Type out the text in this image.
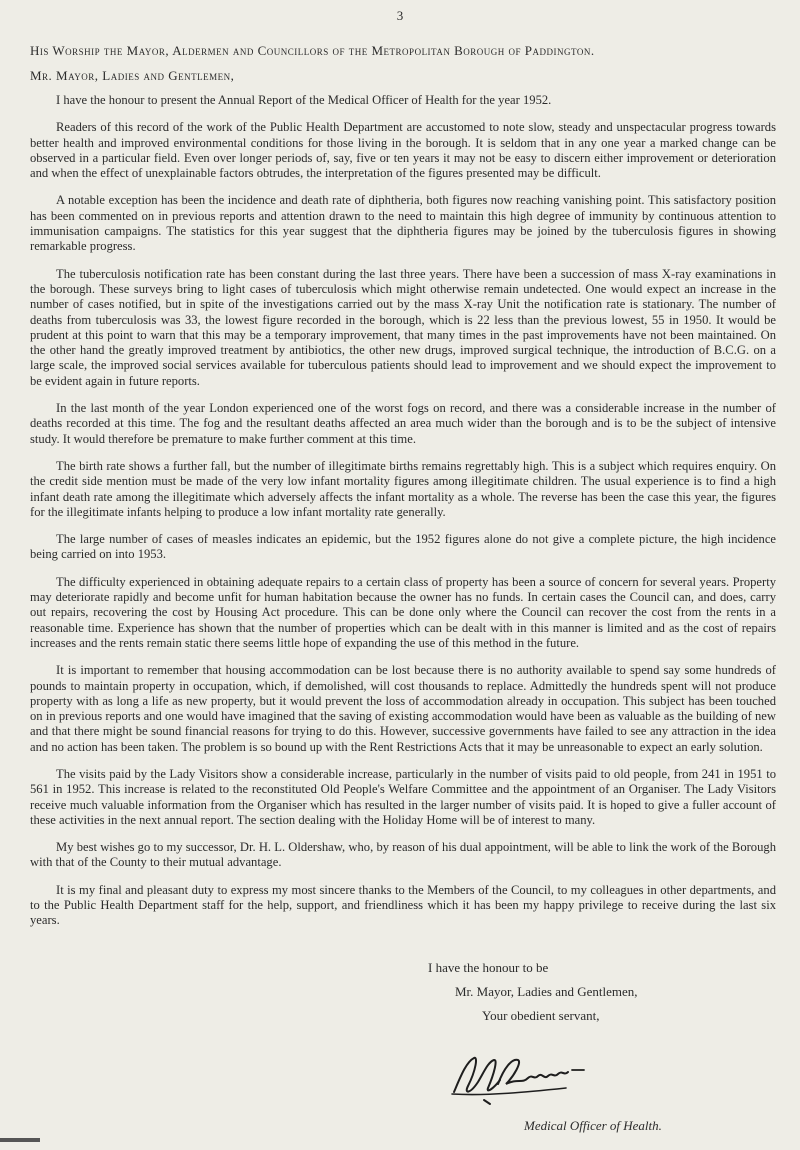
3
His Worship the Mayor, Aldermen and Councillors of the Metropolitan Borough of Paddington.
Mr. Mayor, Ladies and Gentlemen,

I have the honour to present the Annual Report of the Medical Officer of Health for the year 1952.

Readers of this record of the work of the Public Health Department are accustomed to note slow, steady and unspectacular progress towards better health and improved environmental conditions for those living in the borough. It is seldom that in any one year a marked change can be observed in a particular field. Even over longer periods of, say, five or ten years it may not be easy to discern either improvement or deterioration and when the effect of unexplainable factors obtrudes, the interpretation of the figures presented may be difficult.

A notable exception has been the incidence and death rate of diphtheria, both figures now reaching vanishing point. This satisfactory position has been commented on in previous reports and attention drawn to the need to maintain this high degree of immunity by continuous attention to immunisation campaigns. The statistics for this year suggest that the diphtheria figures may be joined by the tuberculosis figures in showing remarkable progress.

The tuberculosis notification rate has been constant during the last three years. There have been a succession of mass X-ray examinations in the borough. These surveys bring to light cases of tuberculosis which might otherwise remain undetected. One would expect an increase in the number of cases notified, but in spite of the investigations carried out by the mass X-ray Unit the notification rate is stationary. The number of deaths from tuberculosis was 33, the lowest figure recorded in the borough, which is 22 less than the previous lowest, 55 in 1950. It would be prudent at this point to warn that this may be a temporary improvement, that many times in the past improvements have not been maintained. On the other hand the greatly improved treatment by antibiotics, the other new drugs, improved surgical technique, the introduction of B.C.G. on a large scale, the improved social services available for tuberculous patients should lead to improvement and we should expect the improvement to be evident again in future reports.

In the last month of the year London experienced one of the worst fogs on record, and there was a considerable increase in the number of deaths recorded at this time. The fog and the resultant deaths affected an area much wider than the borough and is to be the subject of intensive study. It would therefore be premature to make further comment at this time.

The birth rate shows a further fall, but the number of illegitimate births remains regrettably high. This is a subject which requires enquiry. On the credit side mention must be made of the very low infant mortality figures among illegitimate children. The usual experience is to find a high infant death rate among the illegitimate which adversely affects the infant mortality as a whole. The reverse has been the case this year, the figures for the illegitimate infants helping to produce a low infant mortality rate generally.

The large number of cases of measles indicates an epidemic, but the 1952 figures alone do not give a complete picture, the high incidence being carried on into 1953.

The difficulty experienced in obtaining adequate repairs to a certain class of property has been a source of concern for several years. Property may deteriorate rapidly and become unfit for human habitation because the owner has no funds. In certain cases the Council can, and does, carry out repairs, recovering the cost by Housing Act procedure. This can be done only where the Council can recover the cost from the rents in a reasonable time. Experience has shown that the number of properties which can be dealt with in this manner is limited and as the cost of repairs increases and the rents remain static there seems little hope of expanding the use of this method in the future.

It is important to remember that housing accommodation can be lost because there is no authority available to spend say some hundreds of pounds to maintain property in occupation, which, if demolished, will cost thousands to replace. Admittedly the hundreds spent will not produce property with as long a life as new property, but it would prevent the loss of accommodation already in occupation. This subject has been touched on in previous reports and one would have imagined that the saving of existing accommodation would have been as valuable as the building of new and that there might be sound financial reasons for trying to do this. However, successive governments have failed to see any attraction in the idea and no action has been taken. The problem is so bound up with the Rent Restrictions Acts that it may be unreasonable to expect an early solution.

The visits paid by the Lady Visitors show a considerable increase, particularly in the number of visits paid to old people, from 241 in 1951 to 561 in 1952. This increase is related to the reconstituted Old People's Welfare Committee and the appointment of an Organiser. The Lady Visitors receive much valuable information from the Organiser which has resulted in the larger number of visits paid. It is hoped to give a fuller account of these activities in the next annual report. The section dealing with the Holiday Home will be of interest to many.

My best wishes go to my successor, Dr. H. L. Oldershaw, who, by reason of his dual appointment, will be able to link the work of the Borough with that of the County to their mutual advantage.

It is my final and pleasant duty to express my most sincere thanks to the Members of the Council, to my colleagues in other departments, and to the Public Health Department staff for the help, support, and friendliness which it has been my happy privilege to receive during the last six years.

I have the honour to be
Mr. Mayor, Ladies and Gentlemen,
Your obedient servant,
Medical Officer of Health.
